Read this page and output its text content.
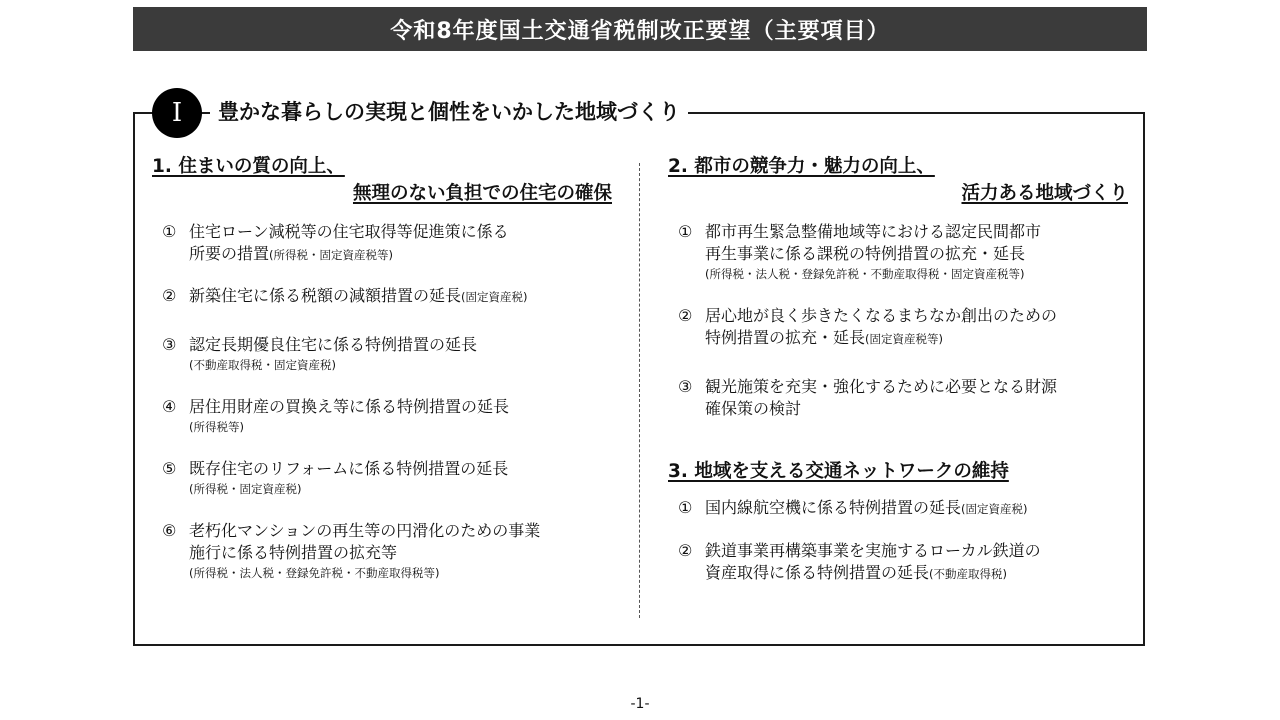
令和8年度国土交通省税制改正要望（主要項目）
Ⅰ	豊かな暮らしの実現と個性をいかした地域づくり
1. 住まいの質の向上、
無理のない負担での住宅の確保
① 住宅ローン減税等の住宅取得等促進策に係る
所要の措置(所得税・固定資産税等)
② 新築住宅に係る税額の減額措置の延長(固定資産税)
③ 認定長期優良住宅に係る特例措置の延長
(不動産取得税・固定資産税)
④ 居住用財産の買換え等に係る特例措置の延長
(所得税等)
⑤ 既存住宅のリフォームに係る特例措置の延長
(所得税・固定資産税)
⑥ 老朽化マンションの再生等の円滑化のための事業
施行に係る特例措置の拡充等
(所得税・法人税・登録免許税・不動産取得税等)
2. 都市の競争力・魅力の向上、
活力ある地域づくり
① 都市再生緊急整備地域等における認定民間都市
再生事業に係る課税の特例措置の拡充・延長
(所得税・法人税・登録免許税・不動産取得税・固定資産税等)
② 居心地が良く歩きたくなるまちなか創出のための
特例措置の拡充・延長(固定資産税等)
③ 観光施策を充実・強化するために必要となる財源
確保策の検討
3. 地域を支える交通ネットワークの維持
① 国内線航空機に係る特例措置の延長(固定資産税)
② 鉄道事業再構築事業を実施するローカル鉄道の
資産取得に係る特例措置の延長(不動産取得税)
-1-
